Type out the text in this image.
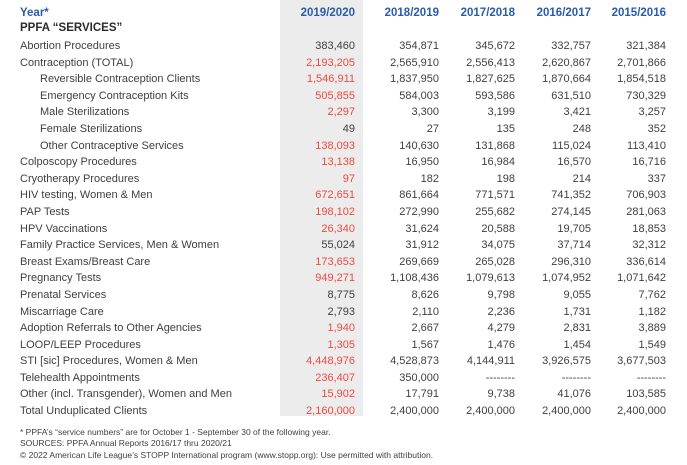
Year*	2019/2020	2018/2019	2017/2018	2016/2017	2015/2016
PPFA “SERVICES”
Abortion Procedures	383,460	354,871	345,672	332,757	321,384
Contraception (TOTAL)	2,193,205	2,565,910	2,556,413	2,620,867	2,701,866
Reversible Contraception Clients	1,546,911	1,837,950	1,827,625	1,870,664	1,854,518
Emergency Contraception Kits	505,855	584,003	593,586	631,510	730,329
Male Sterilizations	2,297	3,300	3,199	3,421	3,257
Female Sterilizations	49	27	135	248	352
Other Contraceptive Services	138,093	140,630	131,868	115,024	113,410
Colposcopy Procedures	13,138	16,950	16,984	16,570	16,716
Cryotherapy Procedures	97	182	198	214	337
HIV testing, Women & Men	672,651	861,664	771,571	741,352	706,903
PAP Tests	198,102	272,990	255,682	274,145	281,063
HPV Vaccinations	26,340	31,624	20,588	19,705	18,853
Family Practice Services, Men & Women	55,024	31,912	34,075	37,714	32,312
Breast Exams/Breast Care	173,653	269,669	265,028	296,310	336,614
Pregnancy Tests	949,271	1,108,436	1,079,613	1,074,952	1,071,642
Prenatal Services	8,775	8,626	9,798	9,055	7,762
Miscarriage Care	2,793	2,110	2,236	1,731	1,182
Adoption Referrals to Other Agencies	1,940	2,667	4,279	2,831	3,889
LOOP/LEEP Procedures	1,305	1,567	1,476	1,454	1,549
STI [sic] Procedures, Women & Men	4,448,976	4,528,873	4,144,911	3,926,575	3,677,503
Telehealth Appointments	236,407	350,000	--------	--------	--------
Other (incl. Transgender), Women and Men	15,902	17,791	9,738	41,076	103,585
Total Unduplicated Clients	2,160,000	2,400,000	2,400,000	2,400,000	2,400,000
* PPFA’s “service numbers” are for October 1 - September 30 of the following year.
SOURCES: PPFA Annual Reports 2016/17 thru 2020/21
© 2022 American Life League’s STOPP International program (www.stopp.org): Use permitted with attribution.
